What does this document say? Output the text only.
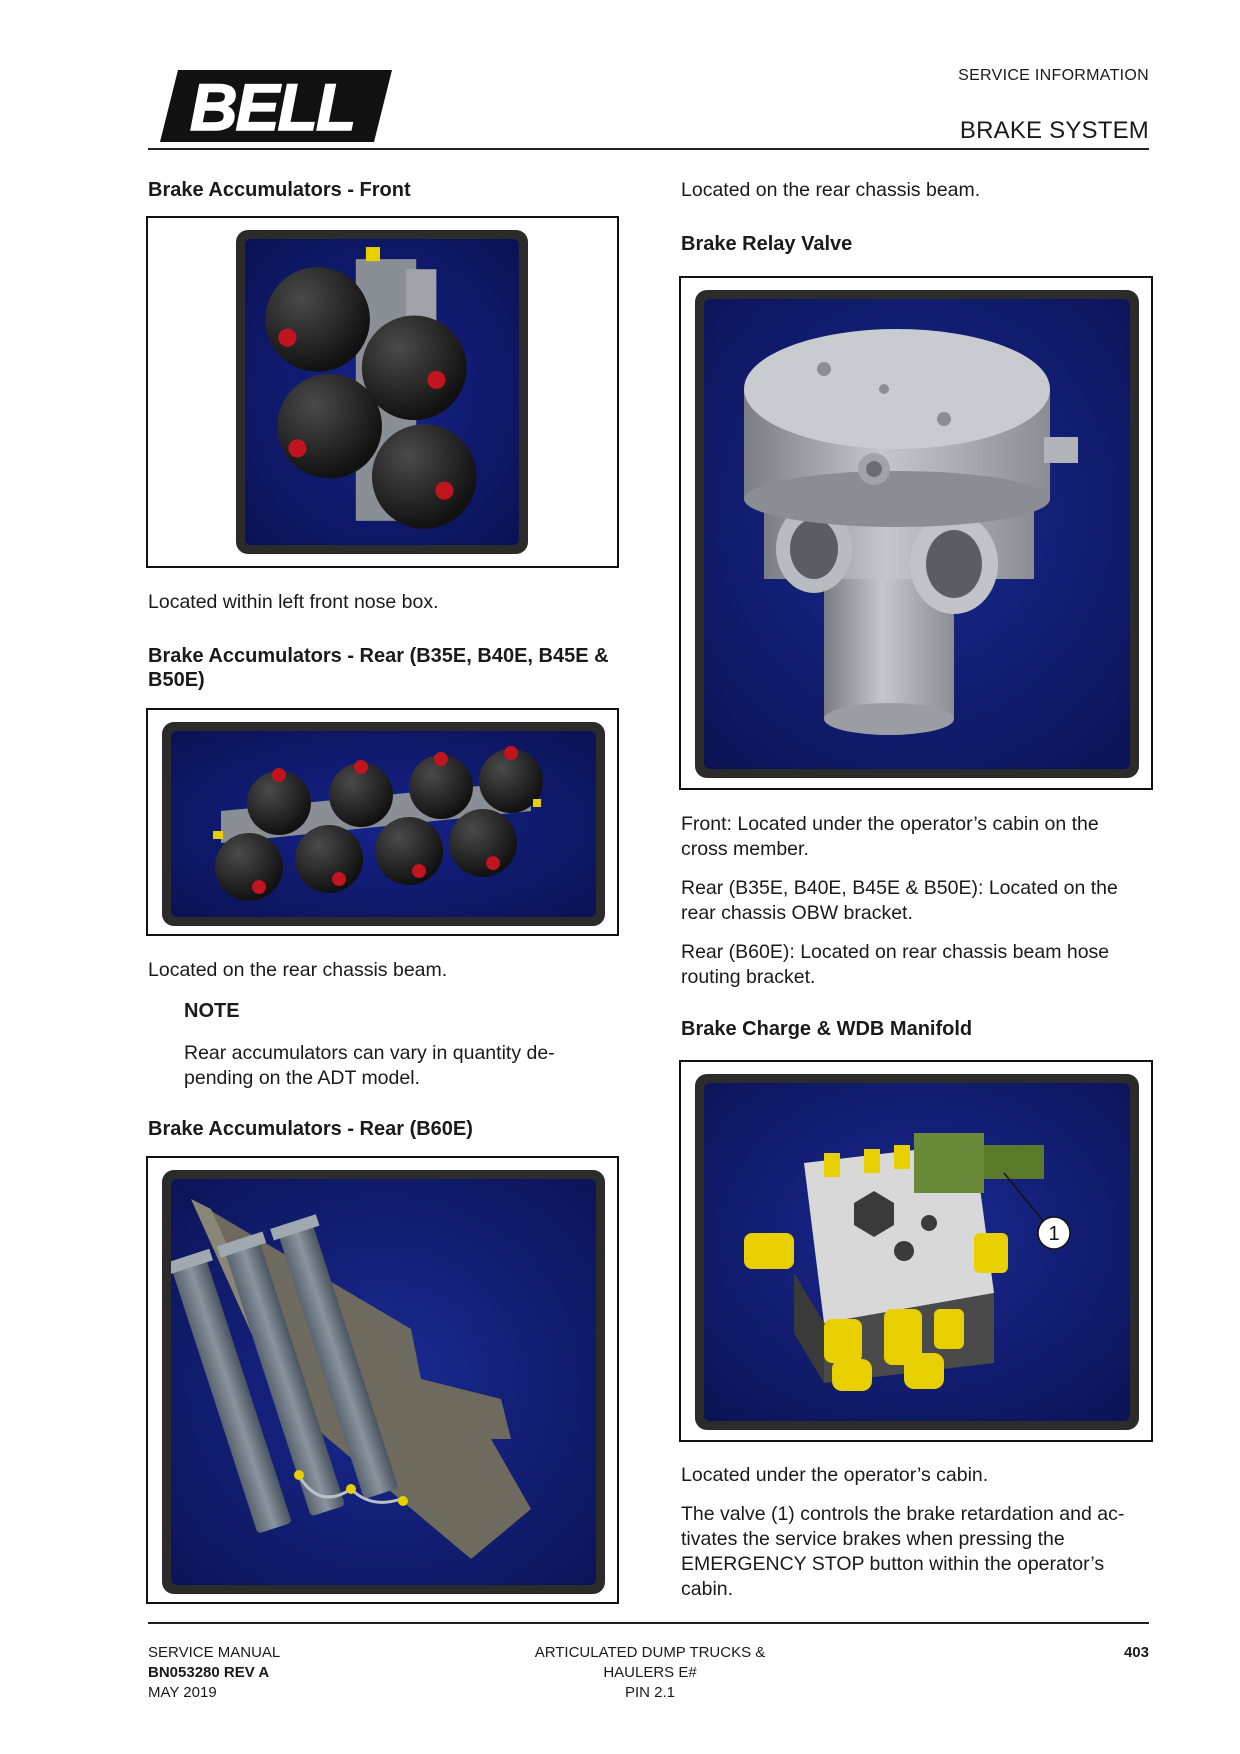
BELL	SERVICE INFORMATION
BRAKE SYSTEM
Brake Accumulators - Front

Located within left front nose box.

Brake Accumulators - Rear (B35E, B40E, B45E & B50E)

Located on the rear chassis beam.

NOTE

Rear accumulators can vary in quantity de-

pending on the ADT model.

Brake Accumulators - Rear (B60E)

Located on the rear chassis beam.

Brake Relay Valve

Front: Located under the operator’s cabin on the

cross member.

Rear (B35E, B40E, B45E & B50E): Located on the

rear chassis OBW bracket.

Rear (B60E): Located on rear chassis beam hose

routing bracket.

Brake Charge & WDB Manifold
1

Located under the operator’s cabin.

The valve (1) controls the brake retardation and ac-

tivates the service brakes when pressing the

EMERGENCY STOP button within the operator’s

cabin.

SERVICE MANUAL
BN053280 REV A
MAY 2019
ARTICULATED DUMP TRUCKS &
HAULERS E#
PIN 2.1
403
